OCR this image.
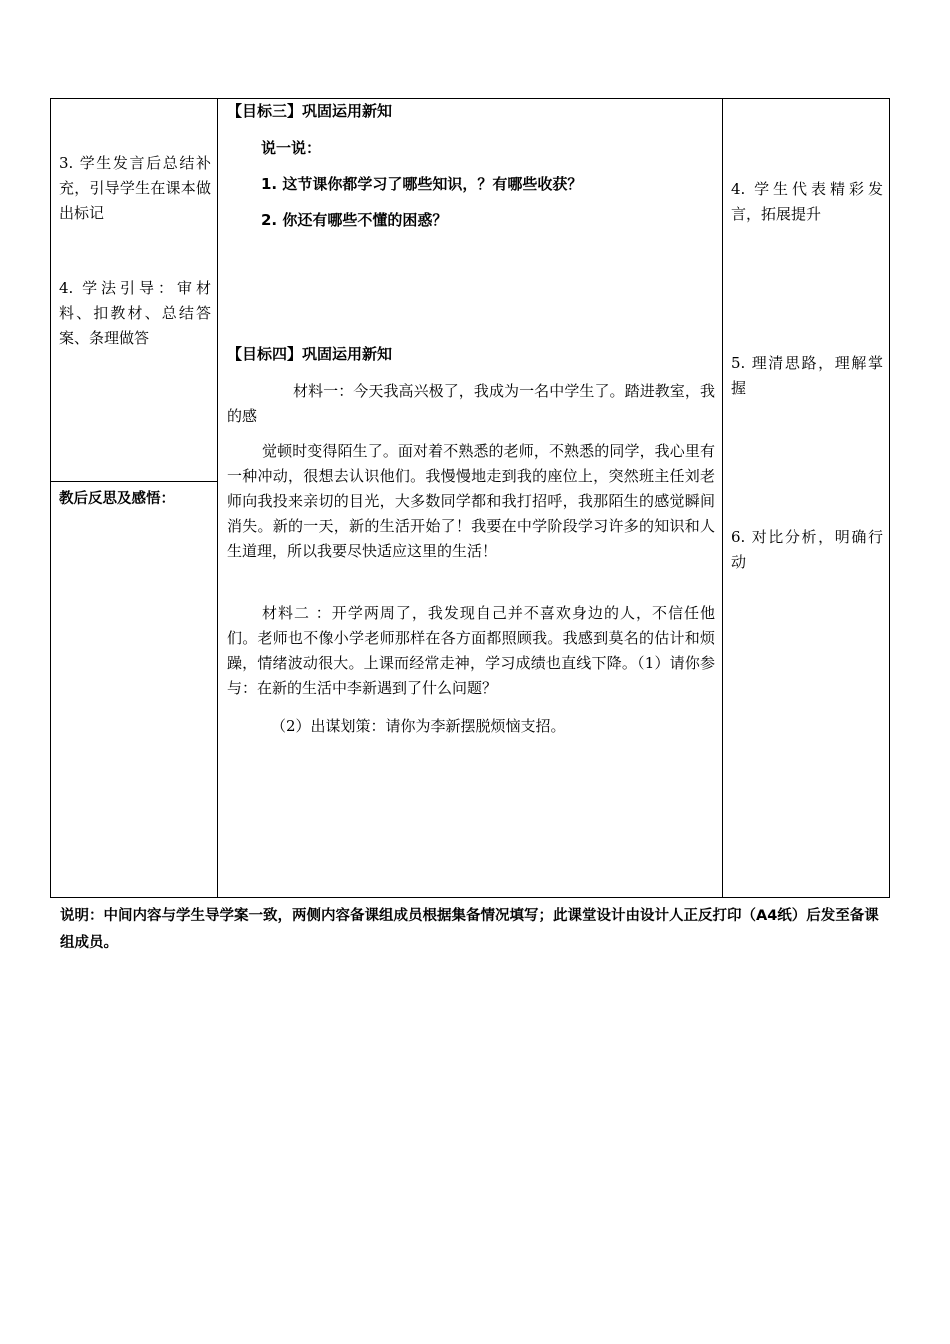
3. 学生发言后总结补充，引导学生在课本做出标记
4. 学法引导：审材料、扣教材、总结答案、条理做答
教后反思及感悟：
【目标三】巩固运用新知
说一说：
1. 这节课你都学习了哪些知识，？有哪些收获？
2. 你还有哪些不懂的困惑？
【目标四】巩固运用新知
材料一：今天我高兴极了，我成为一名中学生了。踏进教室，我的感
觉顿时变得陌生了。面对着不熟悉的老师，不熟悉的同学，我心里有一种冲动，很想去认识他们。我慢慢地走到我的座位上，突然班主任刘老师向我投来亲切的目光，大多数同学都和我打招呼，我那陌生的感觉瞬间消失。新的一天，新的生活开始了！我要在中学阶段学习许多的知识和人生道理，所以我要尽快适应这里的生活！
材料二 ：开学两周了，我发现自己并不喜欢身边的人，不信任他们。老师也不像小学老师那样在各方面都照顾我。我感到莫名的估计和烦躁，情绪波动很大。上课而经常走神，学习成绩也直线下降。（1）请你参与：在新的生活中李新遇到了什么问题？
（2）出谋划策：请你为李新摆脱烦恼支招。
4. 学生代表精彩发言，拓展提升
5. 理清思路，理解掌握
6. 对比分析，明确行动
说明：中间内容与学生导学案一致，两侧内容备课组成员根据集备情况填写；此课堂设计由设计人正反打印（A4纸）后发至备课组成员。
